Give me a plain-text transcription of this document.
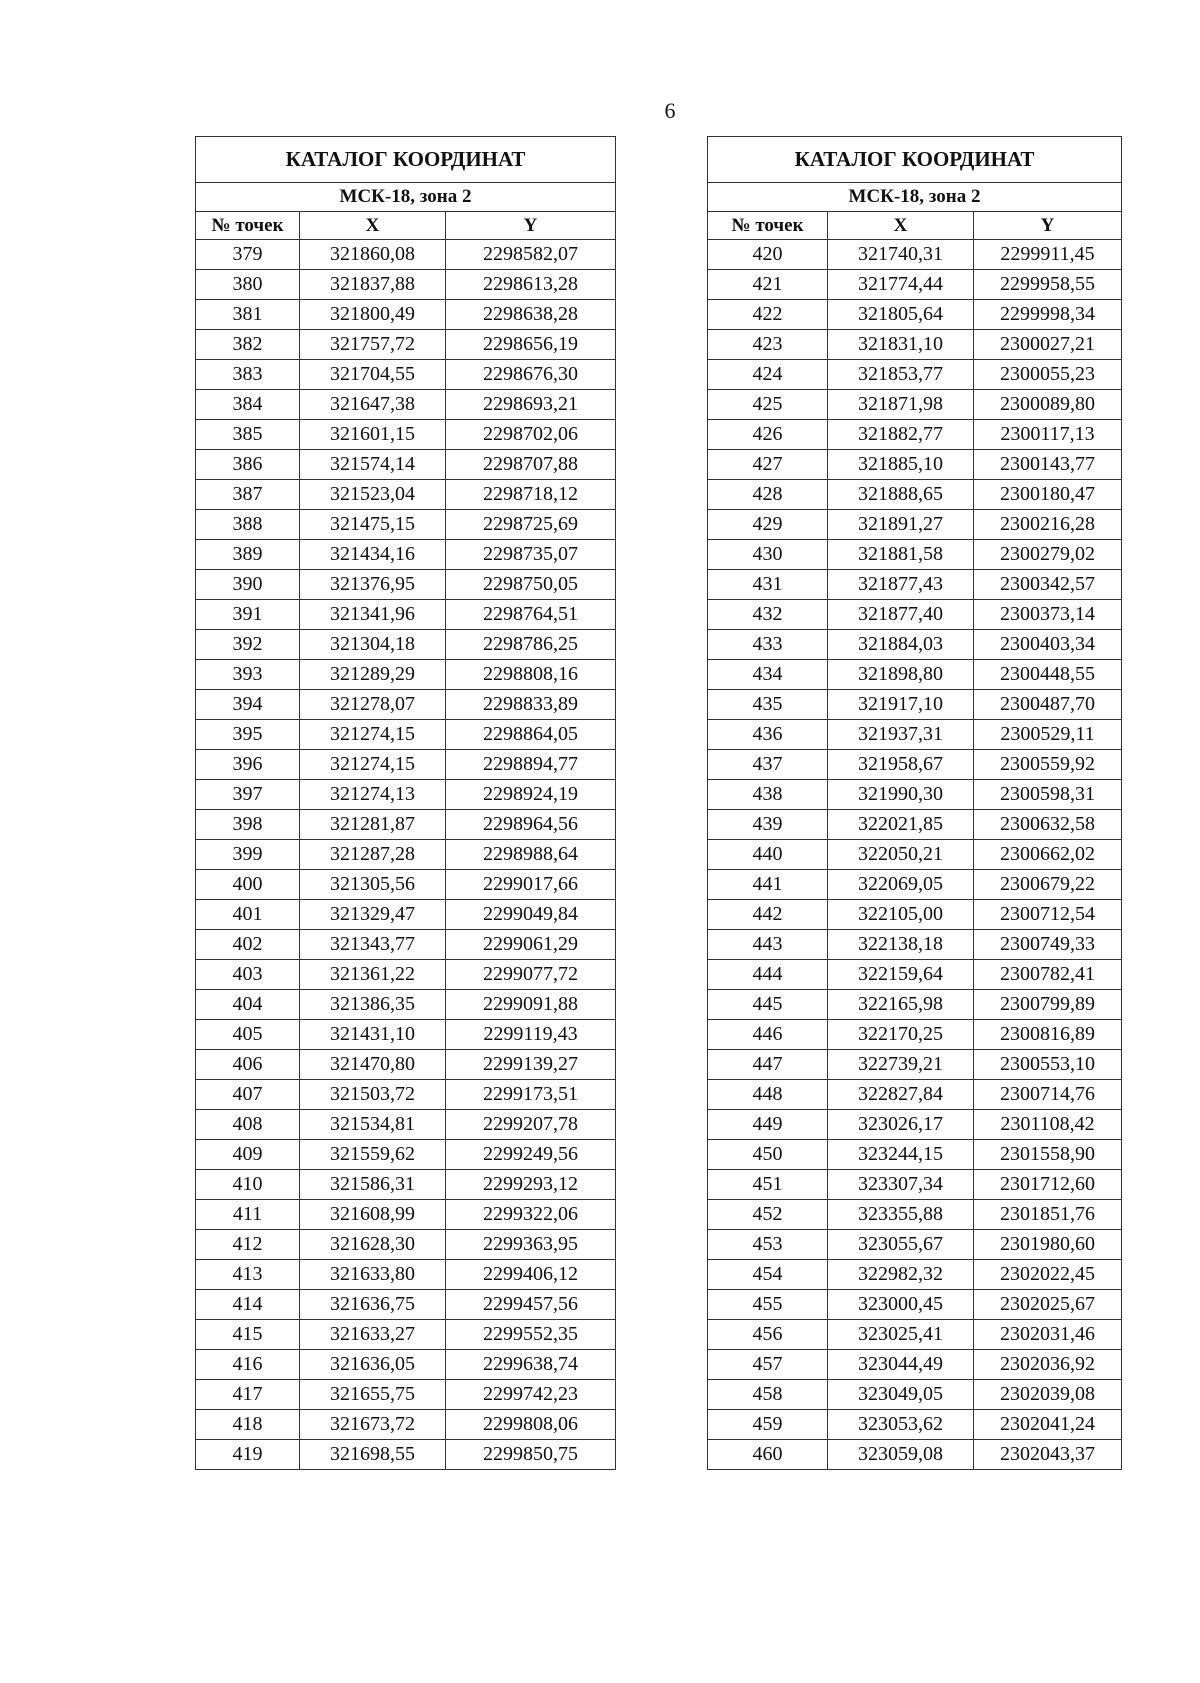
6
КАТАЛОГ КООРДИНАТ		
МСК-18, зона 2		
№ точек	X	Y
379	321860,08	2298582,07
380	321837,88	2298613,28
381	321800,49	2298638,28
382	321757,72	2298656,19
383	321704,55	2298676,30
384	321647,38	2298693,21
385	321601,15	2298702,06
386	321574,14	2298707,88
387	321523,04	2298718,12
388	321475,15	2298725,69
389	321434,16	2298735,07
390	321376,95	2298750,05
391	321341,96	2298764,51
392	321304,18	2298786,25
393	321289,29	2298808,16
394	321278,07	2298833,89
395	321274,15	2298864,05
396	321274,15	2298894,77
397	321274,13	2298924,19
398	321281,87	2298964,56
399	321287,28	2298988,64
400	321305,56	2299017,66
401	321329,47	2299049,84
402	321343,77	2299061,29
403	321361,22	2299077,72
404	321386,35	2299091,88
405	321431,10	2299119,43
406	321470,80	2299139,27
407	321503,72	2299173,51
408	321534,81	2299207,78
409	321559,62	2299249,56
410	321586,31	2299293,12
411	321608,99	2299322,06
412	321628,30	2299363,95
413	321633,80	2299406,12
414	321636,75	2299457,56
415	321633,27	2299552,35
416	321636,05	2299638,74
417	321655,75	2299742,23
418	321673,72	2299808,06
419	321698,55	2299850,75
КАТАЛОГ КООРДИНАТ		
МСК-18, зона 2		
№ точек	X	Y
420	321740,31	2299911,45
421	321774,44	2299958,55
422	321805,64	2299998,34
423	321831,10	2300027,21
424	321853,77	2300055,23
425	321871,98	2300089,80
426	321882,77	2300117,13
427	321885,10	2300143,77
428	321888,65	2300180,47
429	321891,27	2300216,28
430	321881,58	2300279,02
431	321877,43	2300342,57
432	321877,40	2300373,14
433	321884,03	2300403,34
434	321898,80	2300448,55
435	321917,10	2300487,70
436	321937,31	2300529,11
437	321958,67	2300559,92
438	321990,30	2300598,31
439	322021,85	2300632,58
440	322050,21	2300662,02
441	322069,05	2300679,22
442	322105,00	2300712,54
443	322138,18	2300749,33
444	322159,64	2300782,41
445	322165,98	2300799,89
446	322170,25	2300816,89
447	322739,21	2300553,10
448	322827,84	2300714,76
449	323026,17	2301108,42
450	323244,15	2301558,90
451	323307,34	2301712,60
452	323355,88	2301851,76
453	323055,67	2301980,60
454	322982,32	2302022,45
455	323000,45	2302025,67
456	323025,41	2302031,46
457	323044,49	2302036,92
458	323049,05	2302039,08
459	323053,62	2302041,24
460	323059,08	2302043,37
